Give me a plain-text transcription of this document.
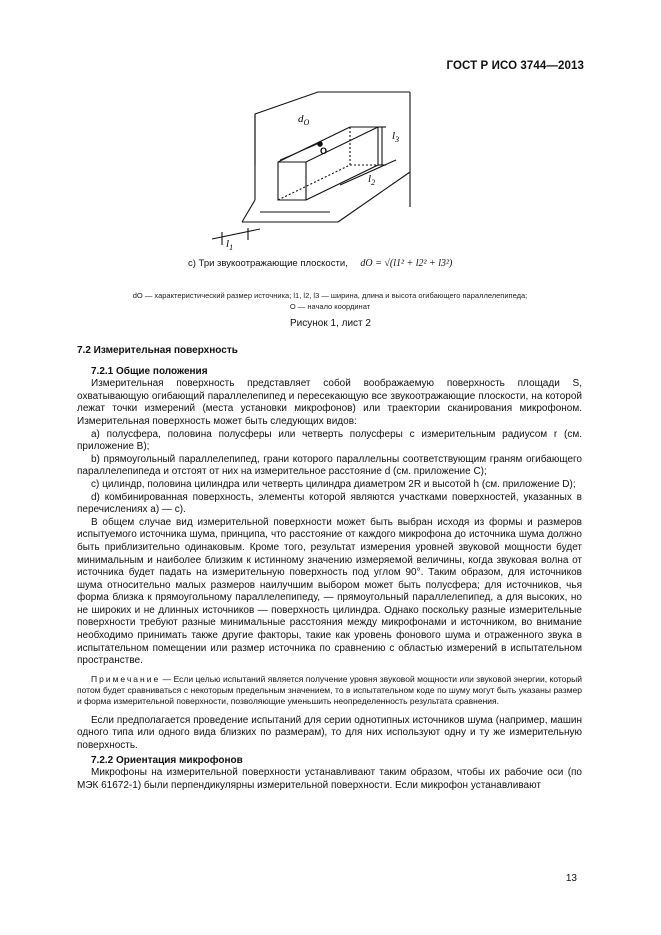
ГОСТ Р ИСО 3744—2013
$d_O$
O
$l_3$
$l_2$
$l_1$
c) Три звукоотражающие плоскости, dO = √(l1² + l2² + l3²)
dO — характеристический размер источника; l1, l2, l3 — ширина, длина и высота огибающего параллелепипеда;
O — начало координат
Рисунок 1, лист 2
7.2 Измерительная поверхность
7.2.1 Общие положения

Измерительная поверхность представляет собой воображаемую поверхность площади S, охватывающую огибающий параллелепипед и пересекающую все звукоотражающие плоскости, на которой лежат точки измерений (места установки микрофонов) или траектории сканирования микрофоном. Измерительная поверхность может быть следующих видов:

a) полусфера, половина полусферы или четверть полусферы с измерительным радиусом r (см. приложение B);

b) прямоугольный параллелепипед, грани которого параллельны соответствующим граням огибающего параллелепипеда и отстоят от них на измерительное расстояние d (см. приложение C);

c) цилиндр, половина цилиндра или четверть цилиндра диаметром 2R и высотой h (см. приложение D);

d) комбинированная поверхность, элементы которой являются участками поверхностей, указанных в перечислениях a) — c).

В общем случае вид измерительной поверхности может быть выбран исходя из формы и размеров испытуемого источника шума, принципа, что расстояние от каждого микрофона до источника шума должно быть приблизительно одинаковым. Кроме того, результат измерения уровней звуковой мощности будет минимальным и наиболее близким к истинному значению измеряемой величины, когда звуковая волна от источника будет падать на измерительную поверхность под углом 90°. Таким образом, для источников шума относительно малых размеров наилучшим выбором может быть полусфера; для источников, чья форма близка к прямоугольному параллелепипеду, — прямоугольный параллелепипед, а для высоких, но не широких и не длинных источников — поверхность цилиндра. Однако поскольку разные измерительные поверхности требуют разные минимальные расстояния между микрофонами и источником, во внимание необходимо принимать также другие факторы, такие как уровень фонового шума и отраженного звука в испытательном помещении или размер источника по сравнению с областью измерений в испытательном пространстве.

Примечание — Если целью испытаний является получение уровня звуковой мощности или звуковой энергии, который потом будет сравниваться с некоторым предельным значением, то в испытательном коде по шуму могут быть указаны размер и форма измерительной поверхности, позволяющие уменьшить неопределенность результата сравнения.

Если предполагается проведение испытаний для серии однотипных источников шума (например, машин одного типа или одного вида близких по размерам), то для них используют одну и ту же измерительную поверхность.

7.2.2 Ориентация микрофонов

Микрофоны на измерительной поверхности устанавливают таким образом, чтобы их рабочие оси (по МЭК 61672-1) были перпендикулярны измерительной поверхности. Если микрофон устанавливают

13
